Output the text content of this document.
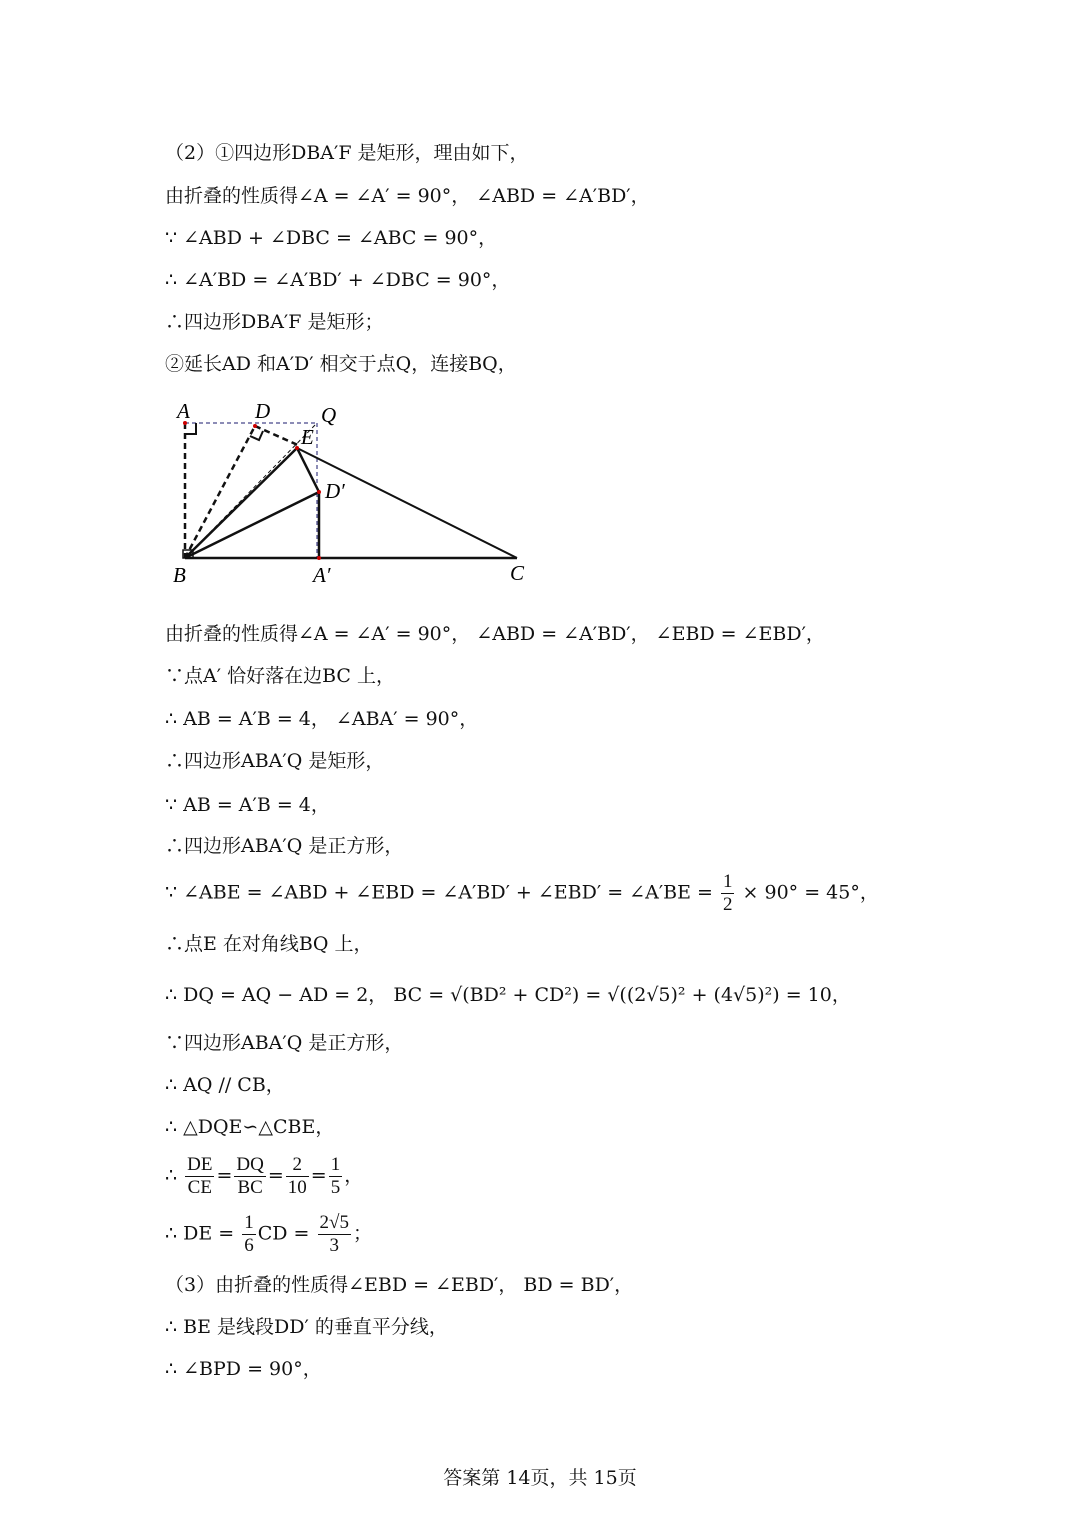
（2）①四边形DBA′F 是矩形，理由如下，
由折叠的性质得∠A = ∠A′ = 90°， ∠ABD = ∠A′BD′，
∵ ∠ABD + ∠DBC = ∠ABC = 90°，
∴ ∠A′BD = ∠A′BD′ + ∠DBC = 90°，
∴四边形DBA′F 是矩形；
②延长AD 和A′D′ 相交于点Q，连接BQ，
A	D Q
E
D′
B	A′	C
由折叠的性质得∠A = ∠A′ = 90°， ∠ABD = ∠A′BD′， ∠EBD = ∠EBD′，
∵点A′ 恰好落在边BC 上，
∴ AB = A′B = 4， ∠ABA′ = 90°，
∴四边形ABA′Q 是矩形，
∵ AB = A′B = 4，
∴四边形ABA′Q 是正方形，
∵ ∠ABE = ∠ABD + ∠EBD = ∠A′BD′ + ∠EBD′ = ∠A′BE = $\frac{1}{2} \times 90^\circ = 45^\circ$，
∴点E 在对角线BQ 上，
∴ DQ = AQ − AD = 2， BC = √(BD² + CD²) = √((2√5)² + (4√5)²) = 10，
∵四边形ABA′Q 是正方形，
∴ AQ // CB，
∴ △DQE∽△CBE，
∴ $\frac{DE}{CE} = \frac{DQ}{BC} = \frac{2}{10} = \frac{1}{5}$ ，
∴ DE = $\frac{1}{6}$ CD = $\frac{2√5}{3}$ ；
（3）由折叠的性质得∠EBD = ∠EBD′， BD = BD′，
∴ BE 是线段DD′ 的垂直平分线，
∴ ∠BPD = 90°，
答案第 14页，共 15页
